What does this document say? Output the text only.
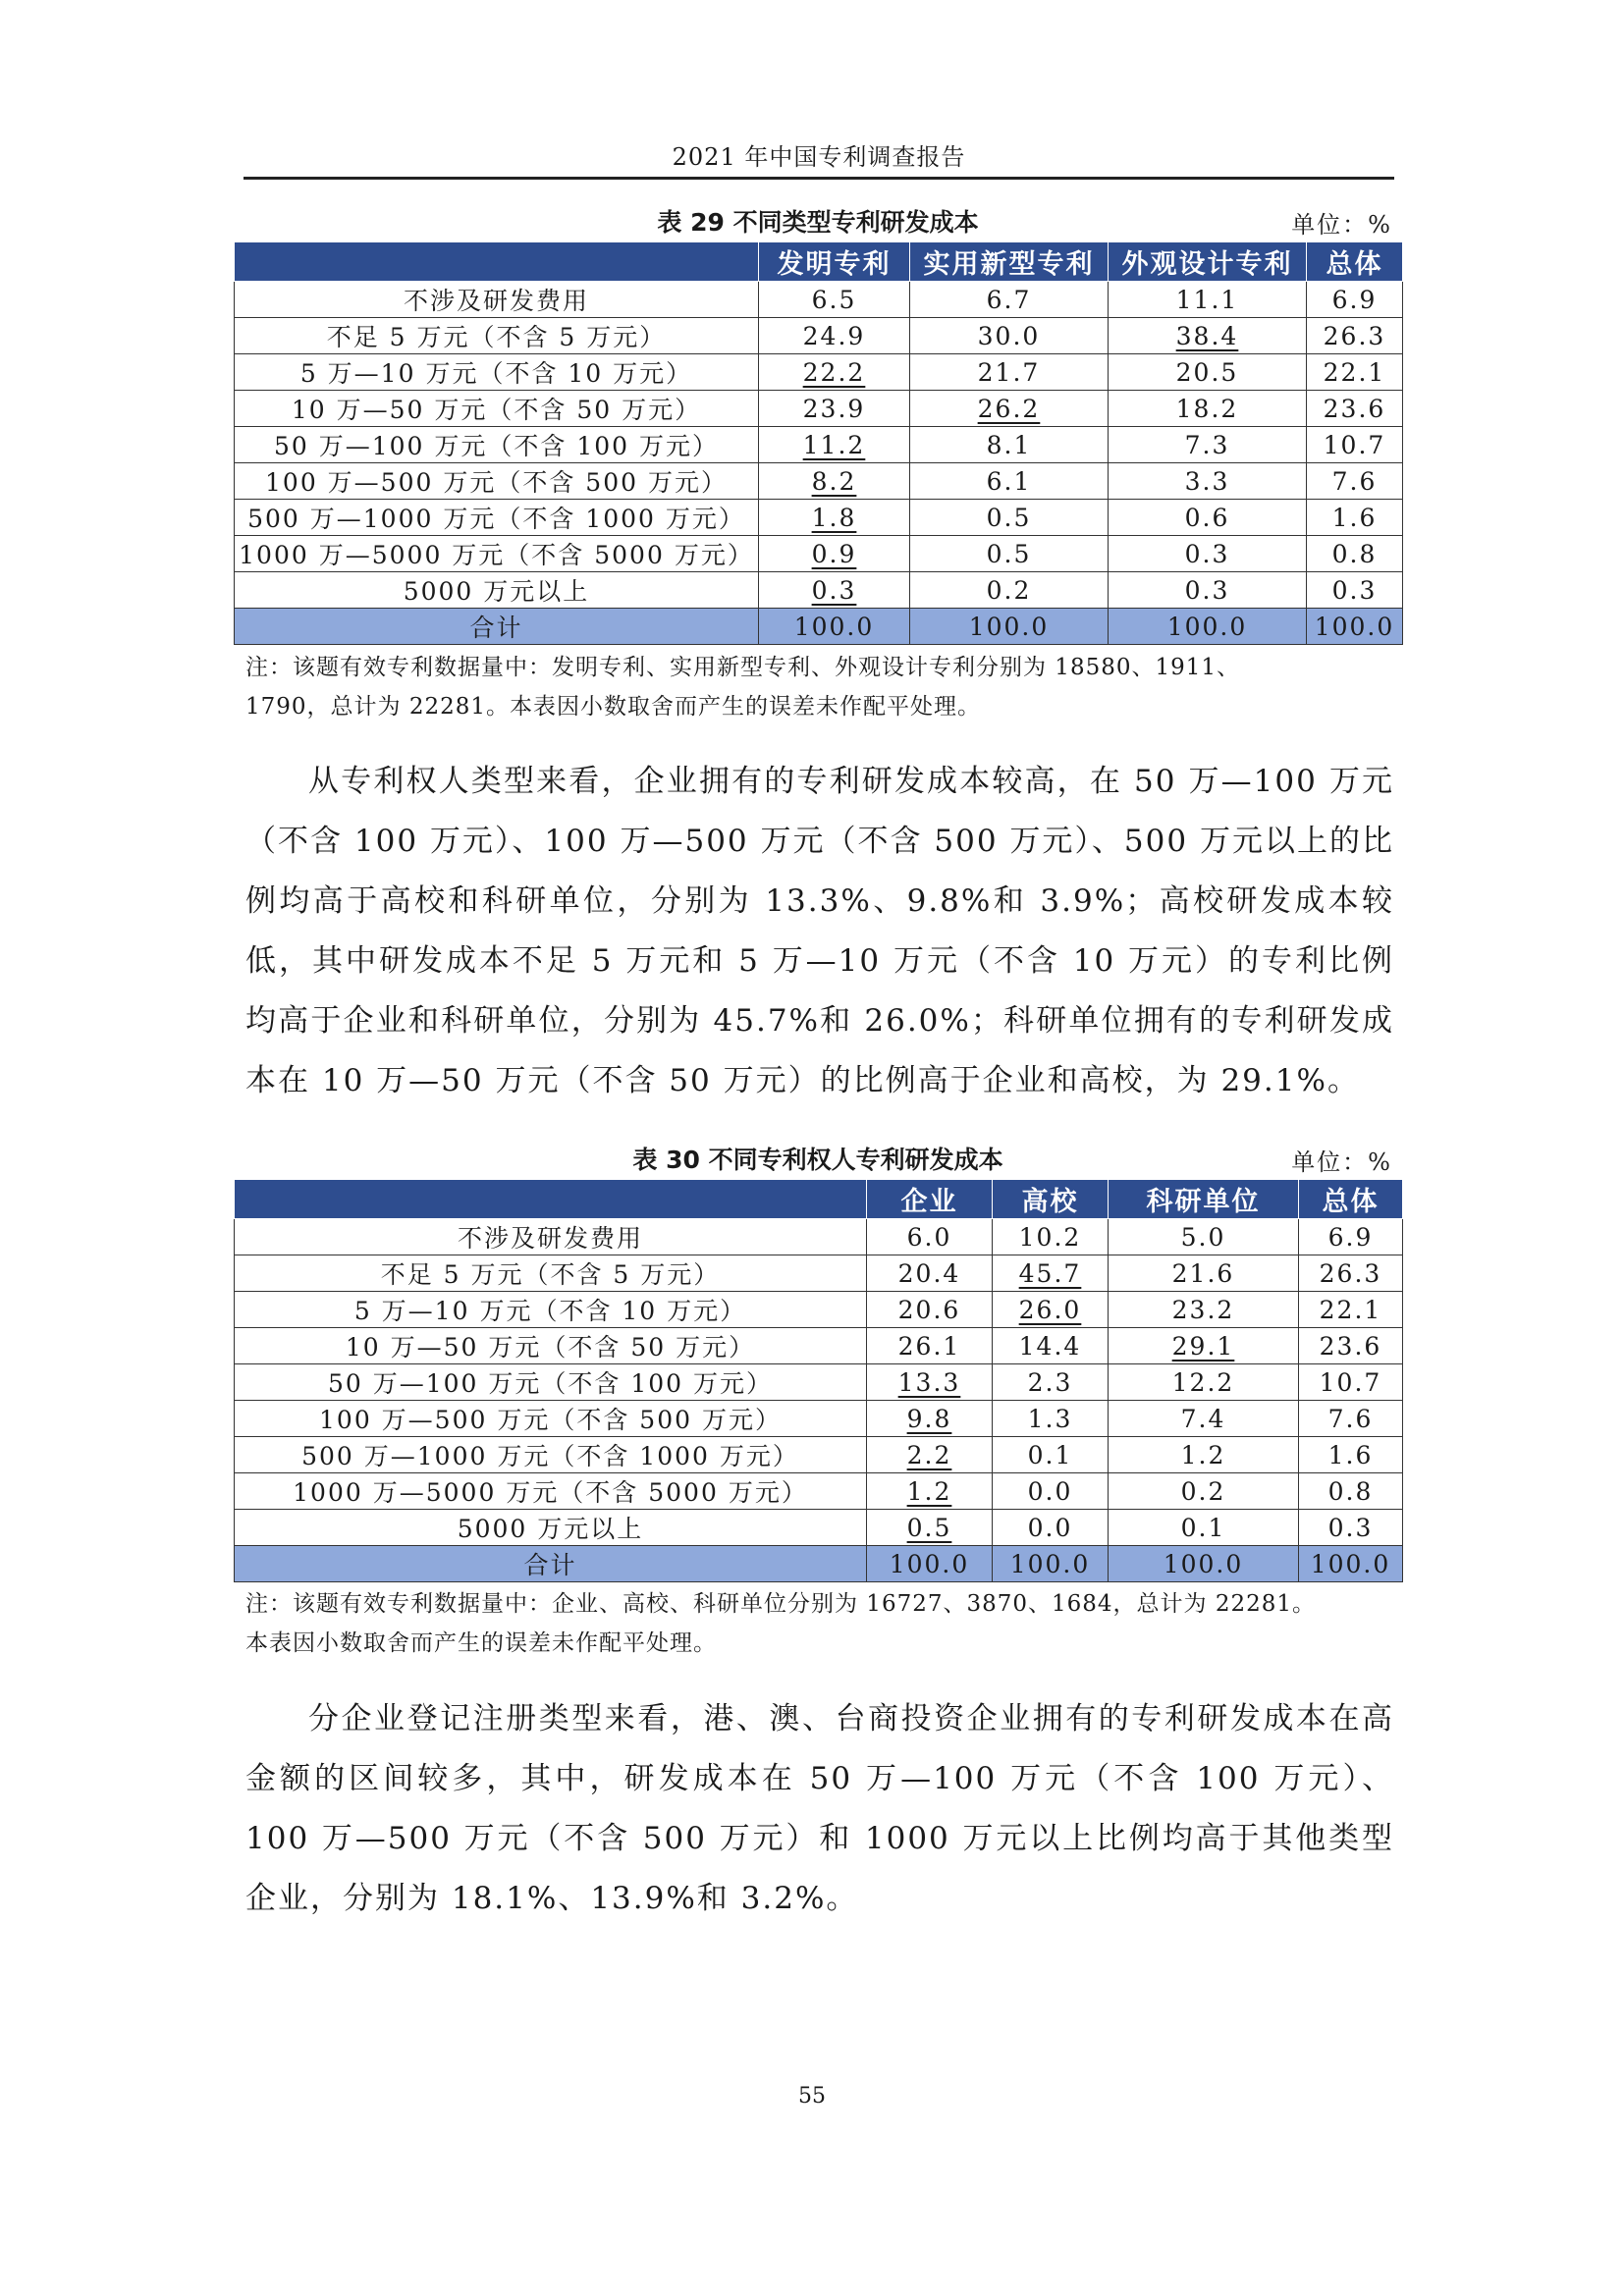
2021 年中国专利调查报告
表 29 不同类型专利研发成本	单位：%
	发明专利	实用新型专利	外观设计专利	总体
不涉及研发费用	6.5	6.7	11.1	6.9
不足 5 万元（不含 5 万元）	24.9	30.0	38.4	26.3
5 万—10 万元（不含 10 万元）	22.2	21.7	20.5	22.1
10 万—50 万元（不含 50 万元）	23.9	26.2	18.2	23.6
50 万—100 万元（不含 100 万元）	11.2	8.1	7.3	10.7
100 万—500 万元（不含 500 万元）	8.2	6.1	3.3	7.6
500 万—1000 万元（不含 1000 万元）	1.8	0.5	0.6	1.6
1000 万—5000 万元（不含 5000 万元）	0.9	0.5	0.3	0.8
5000 万元以上	0.3	0.2	0.3	0.3
合计	100.0	100.0	100.0	100.0
注：该题有效专利数据量中：发明专利、实用新型专利、外观设计专利分别为 18580、1911、
1790，总计为 22281。本表因小数取舍而产生的误差未作配平处理。
从专利权人类型来看，企业拥有的专利研发成本较高，在 50 万—100 万元（不含 100 万元）、100 万—500 万元（不含 500 万元）、500 万元以上的比例均高于高校和科研单位，分别为 13.3%、9.8%和 3.9%；高校研发成本较低，其中研发成本不足 5 万元和 5 万—10 万元（不含 10 万元）的专利比例均高于企业和科研单位，分别为 45.7%和 26.0%；科研单位拥有的专利研发成本在 10 万—50 万元（不含 50 万元）的比例高于企业和高校，为 29.1%。
表 30 不同专利权人专利研发成本	单位：%
	企业	高校	科研单位	总体
不涉及研发费用	6.0	10.2	5.0	6.9
不足 5 万元（不含 5 万元）	20.4	45.7	21.6	26.3
5 万—10 万元（不含 10 万元）	20.6	26.0	23.2	22.1
10 万—50 万元（不含 50 万元）	26.1	14.4	29.1	23.6
50 万—100 万元（不含 100 万元）	13.3	2.3	12.2	10.7
100 万—500 万元（不含 500 万元）	9.8	1.3	7.4	7.6
500 万—1000 万元（不含 1000 万元）	2.2	0.1	1.2	1.6
1000 万—5000 万元（不含 5000 万元）	1.2	0.0	0.2	0.8
5000 万元以上	0.5	0.0	0.1	0.3
合计	100.0	100.0	100.0	100.0
注：该题有效专利数据量中：企业、高校、科研单位分别为 16727、3870、1684，总计为 22281。
本表因小数取舍而产生的误差未作配平处理。
分企业登记注册类型来看，港、澳、台商投资企业拥有的专利研发成本在高金额的区间较多，其中，研发成本在 50 万—100 万元（不含 100 万元）、100 万—500 万元（不含 500 万元）和 1000 万元以上比例均高于其他类型企业，分别为 18.1%、13.9%和 3.2%。
55
